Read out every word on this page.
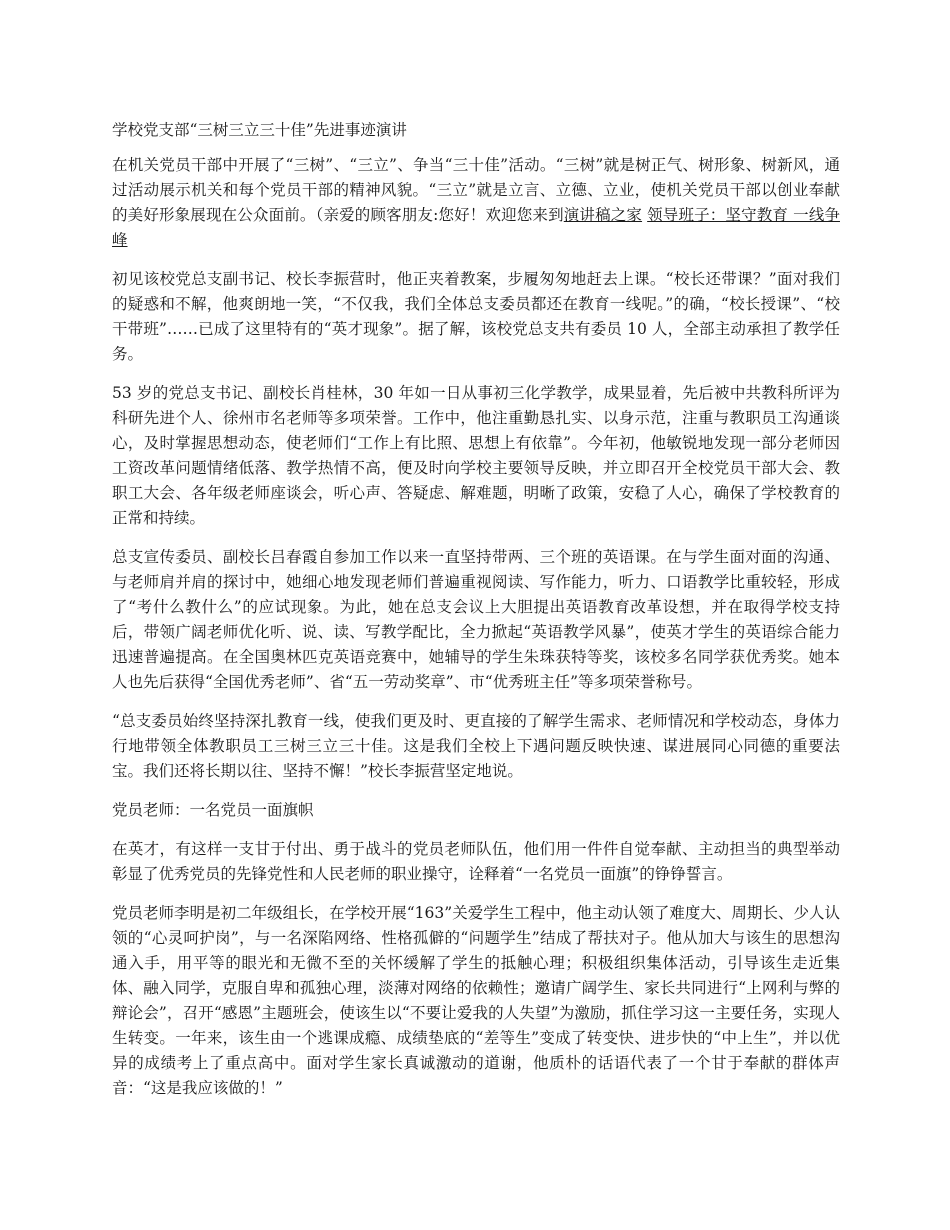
学校党支部“三树三立三十佳”先进事迹演讲

在机关党员干部中开展了“三树”、“三立”、争当“三十佳”活动。“三树”就是树正气、树形象、树新风，通过活动展示机关和每个党员干部的精神风貌。“三立”就是立言、立德、立业，使机关党员干部以创业奉献的美好形象展现在公众面前。（亲爱的顾客朋友:您好！欢迎您来到演讲稿之家 领导班子：坚守教育 一线争峰

初见该校党总支副书记、校长李振营时，他正夹着教案，步履匆匆地赶去上课。“校长还带课？”面对我们的疑惑和不解，他爽朗地一笑，“不仅我，我们全体总支委员都还在教育一线呢。”的确，“校长授课”、“校干带班”……已成了这里特有的“英才现象”。据了解，该校党总支共有委员 10 人，全部主动承担了教学任务。

53 岁的党总支书记、副校长肖桂林，30 年如一日从事初三化学教学，成果显着，先后被中共教科所评为科研先进个人、徐州市名老师等多项荣誉。工作中，他注重勤恳扎实、以身示范，注重与教职员工沟通谈心，及时掌握思想动态，使老师们“工作上有比照、思想上有依靠”。今年初，他敏锐地发现一部分老师因工资改革问题情绪低落、教学热情不高，便及时向学校主要领导反映，并立即召开全校党员干部大会、教职工大会、各年级老师座谈会，听心声、答疑虑、解难题，明晰了政策，安稳了人心，确保了学校教育的正常和持续。

总支宣传委员、副校长吕春霞自参加工作以来一直坚持带两、三个班的英语课。在与学生面对面的沟通、与老师肩并肩的探讨中，她细心地发现老师们普遍重视阅读、写作能力，听力、口语教学比重较轻，形成了“考什么教什么”的应试现象。为此，她在总支会议上大胆提出英语教育改革设想，并在取得学校支持后，带领广阔老师优化听、说、读、写教学配比，全力掀起“英语教学风暴”，使英才学生的英语综合能力迅速普遍提高。在全国奥林匹克英语竞赛中，她辅导的学生朱珠获特等奖，该校多名同学获优秀奖。她本人也先后获得“全国优秀老师”、省“五一劳动奖章”、市“优秀班主任”等多项荣誉称号。

“总支委员始终坚持深扎教育一线，使我们更及时、更直接的了解学生需求、老师情况和学校动态，身体力行地带领全体教职员工三树三立三十佳。这是我们全校上下遇问题反映快速、谋进展同心同德的重要法宝。我们还将长期以往、坚持不懈！”校长李振营坚定地说。

党员老师：一名党员一面旗帜

在英才，有这样一支甘于付出、勇于战斗的党员老师队伍，他们用一件件自觉奉献、主动担当的典型举动彰显了优秀党员的先锋党性和人民老师的职业操守，诠释着“一名党员一面旗”的铮铮誓言。

党员老师李明是初二年级组长，在学校开展“163”关爱学生工程中，他主动认领了难度大、周期长、少人认领的“心灵呵护岗”，与一名深陷网络、性格孤僻的“问题学生”结成了帮扶对子。他从加大与该生的思想沟通入手，用平等的眼光和无微不至的关怀缓解了学生的抵触心理；积极组织集体活动，引导该生走近集体、融入同学，克服自卑和孤独心理，淡薄对网络的依赖性；邀请广阔学生、家长共同进行“上网利与弊的辩论会”，召开“感恩”主题班会，使该生以“不要让爱我的人失望”为激励，抓住学习这一主要任务，实现人生转变。一年来，该生由一个逃课成瘾、成绩垫底的“差等生”变成了转变快、进步快的“中上生”，并以优异的成绩考上了重点高中。面对学生家长真诚激动的道谢，他质朴的话语代表了一个甘于奉献的群体声音：“这是我应该做的！”
